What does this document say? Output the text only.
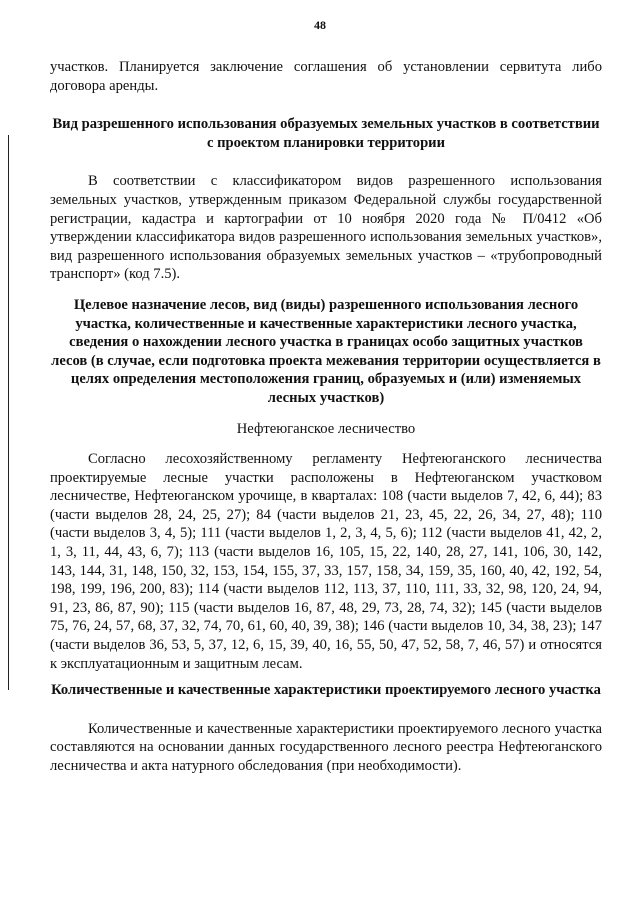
48

участков. Планируется заключение соглашения об установлении сервитута либо договора аренды.

Вид разрешенного использования образуемых земельных участков в соответствии с проектом планировки территории

В соответствии с классификатором видов разрешенного использования земельных участков, утвержденным приказом Федеральной службы государственной регистрации, кадастра и картографии от 10 ноября 2020 года № П/0412 «Об утверждении классификатора видов разрешенного использования земельных участков», вид разрешенного использования образуемых земельных участков – «трубопроводный транспорт» (код 7.5).

Целевое назначение лесов, вид (виды) разрешенного использования лесного участка, количественные и качественные характеристики лесного участка, сведения о нахождении лесного участка в границах особо защитных участков лесов (в случае, если подготовка проекта межевания территории осуществляется в целях определения местоположения границ, образуемых и (или) изменяемых лесных участков)

Нефтеюганское лесничество

Согласно лесохозяйственному регламенту Нефтеюганского лесничества проектируемые лесные участки расположены в Нефтеюганском участковом лесничестве, Нефтеюганском урочище, в кварталах: 108 (части выделов 7, 42, 6, 44); 83 (части выделов 28, 24, 25, 27); 84 (части выделов 21, 23, 45, 22, 26, 34, 27, 48); 110 (части выделов 3, 4, 5); 111 (части выделов 1, 2, 3, 4, 5, 6); 112 (части выделов 41, 42, 2, 1, 3, 11, 44, 43, 6, 7); 113 (части выделов 16, 105, 15, 22, 140, 28, 27, 141, 106, 30, 142, 143, 144, 31, 148, 150, 32, 153, 154, 155, 37, 33, 157, 158, 34, 159, 35, 160, 40, 42, 192, 54, 198, 199, 196, 200, 83); 114 (части выделов 112, 113, 37, 110, 111, 33, 32, 98, 120, 24, 94, 91, 23, 86, 87, 90); 115 (части выделов 16, 87, 48, 29, 73, 28, 74, 32); 145 (части выделов 75, 76, 24, 57, 68, 37, 32, 74, 70, 61, 60, 40, 39, 38); 146 (части выделов 10, 34, 38, 23); 147 (части выделов 36, 53, 5, 37, 12, 6, 15, 39, 40, 16, 55, 50, 47, 52, 58, 7, 46, 57) и относятся к эксплуатационным и защитным лесам.

Количественные и качественные характеристики проектируемого лесного участка

Количественные и качественные характеристики проектируемого лесного участка составляются на основании данных государственного лесного реестра Нефтеюганского лесничества и акта натурного обследования (при необходимости).
